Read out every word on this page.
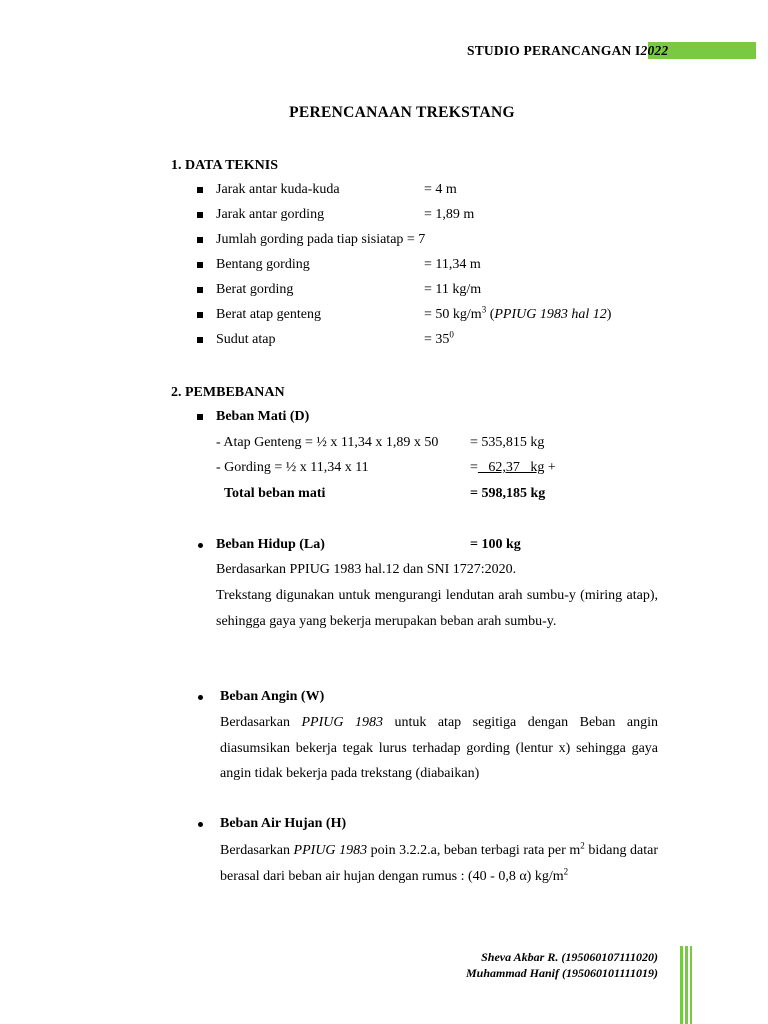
STUDIO PERANCANGAN I2022
PERENCANAAN TREKSTANG
1. DATA TEKNIS
Jarak antar kuda-kuda	= 4 m
Jarak antar gording	= 1,89 m
Jumlah gording pada tiap sisiatap = 7
Bentang gording	= 11,34 m
Berat gording	= 11 kg/m
Berat atap genteng	= 50 $kg/m^3$ (PPIUG 1983 hal 12)
Sudut atap	= $35^0$
2. PEMBEBANAN
Beban Mati (D)
- Atap Genteng = ½ x 11,34 x 1,89 x 50 = 535,815 kg
- Gording = ½ x 11,34 x 11	=   62,37   kg +
Total beban mati	= 598,185 kg
Beban Hidup (La)	= 100 kg
Berdasarkan PPIUG 1983 hal.12 dan SNI 1727:2020.
Trekstang digunakan untuk mengurangi lendutan arah sumbu-y (miring atap), sehingga gaya yang bekerja merupakan beban arah sumbu-y.
Beban Angin (W)
Berdasarkan PPIUG 1983 untuk atap segitiga dengan Beban angin diasumsikan bekerja tegak lurus terhadap gording (lentur x) sehingga gaya angin tidak bekerja pada trekstang (diabaikan)
Beban Air Hujan (H)
Berdasarkan PPIUG 1983 poin 3.2.2.a, beban terbagi rata per $m^2$ bidang datar berasal dari beban air hujan dengan rumus : (40 - 0,8 α) $kg/m^2$
Sheva Akbar R. (195060107111020)
Muhammad Hanif (195060101111019)
